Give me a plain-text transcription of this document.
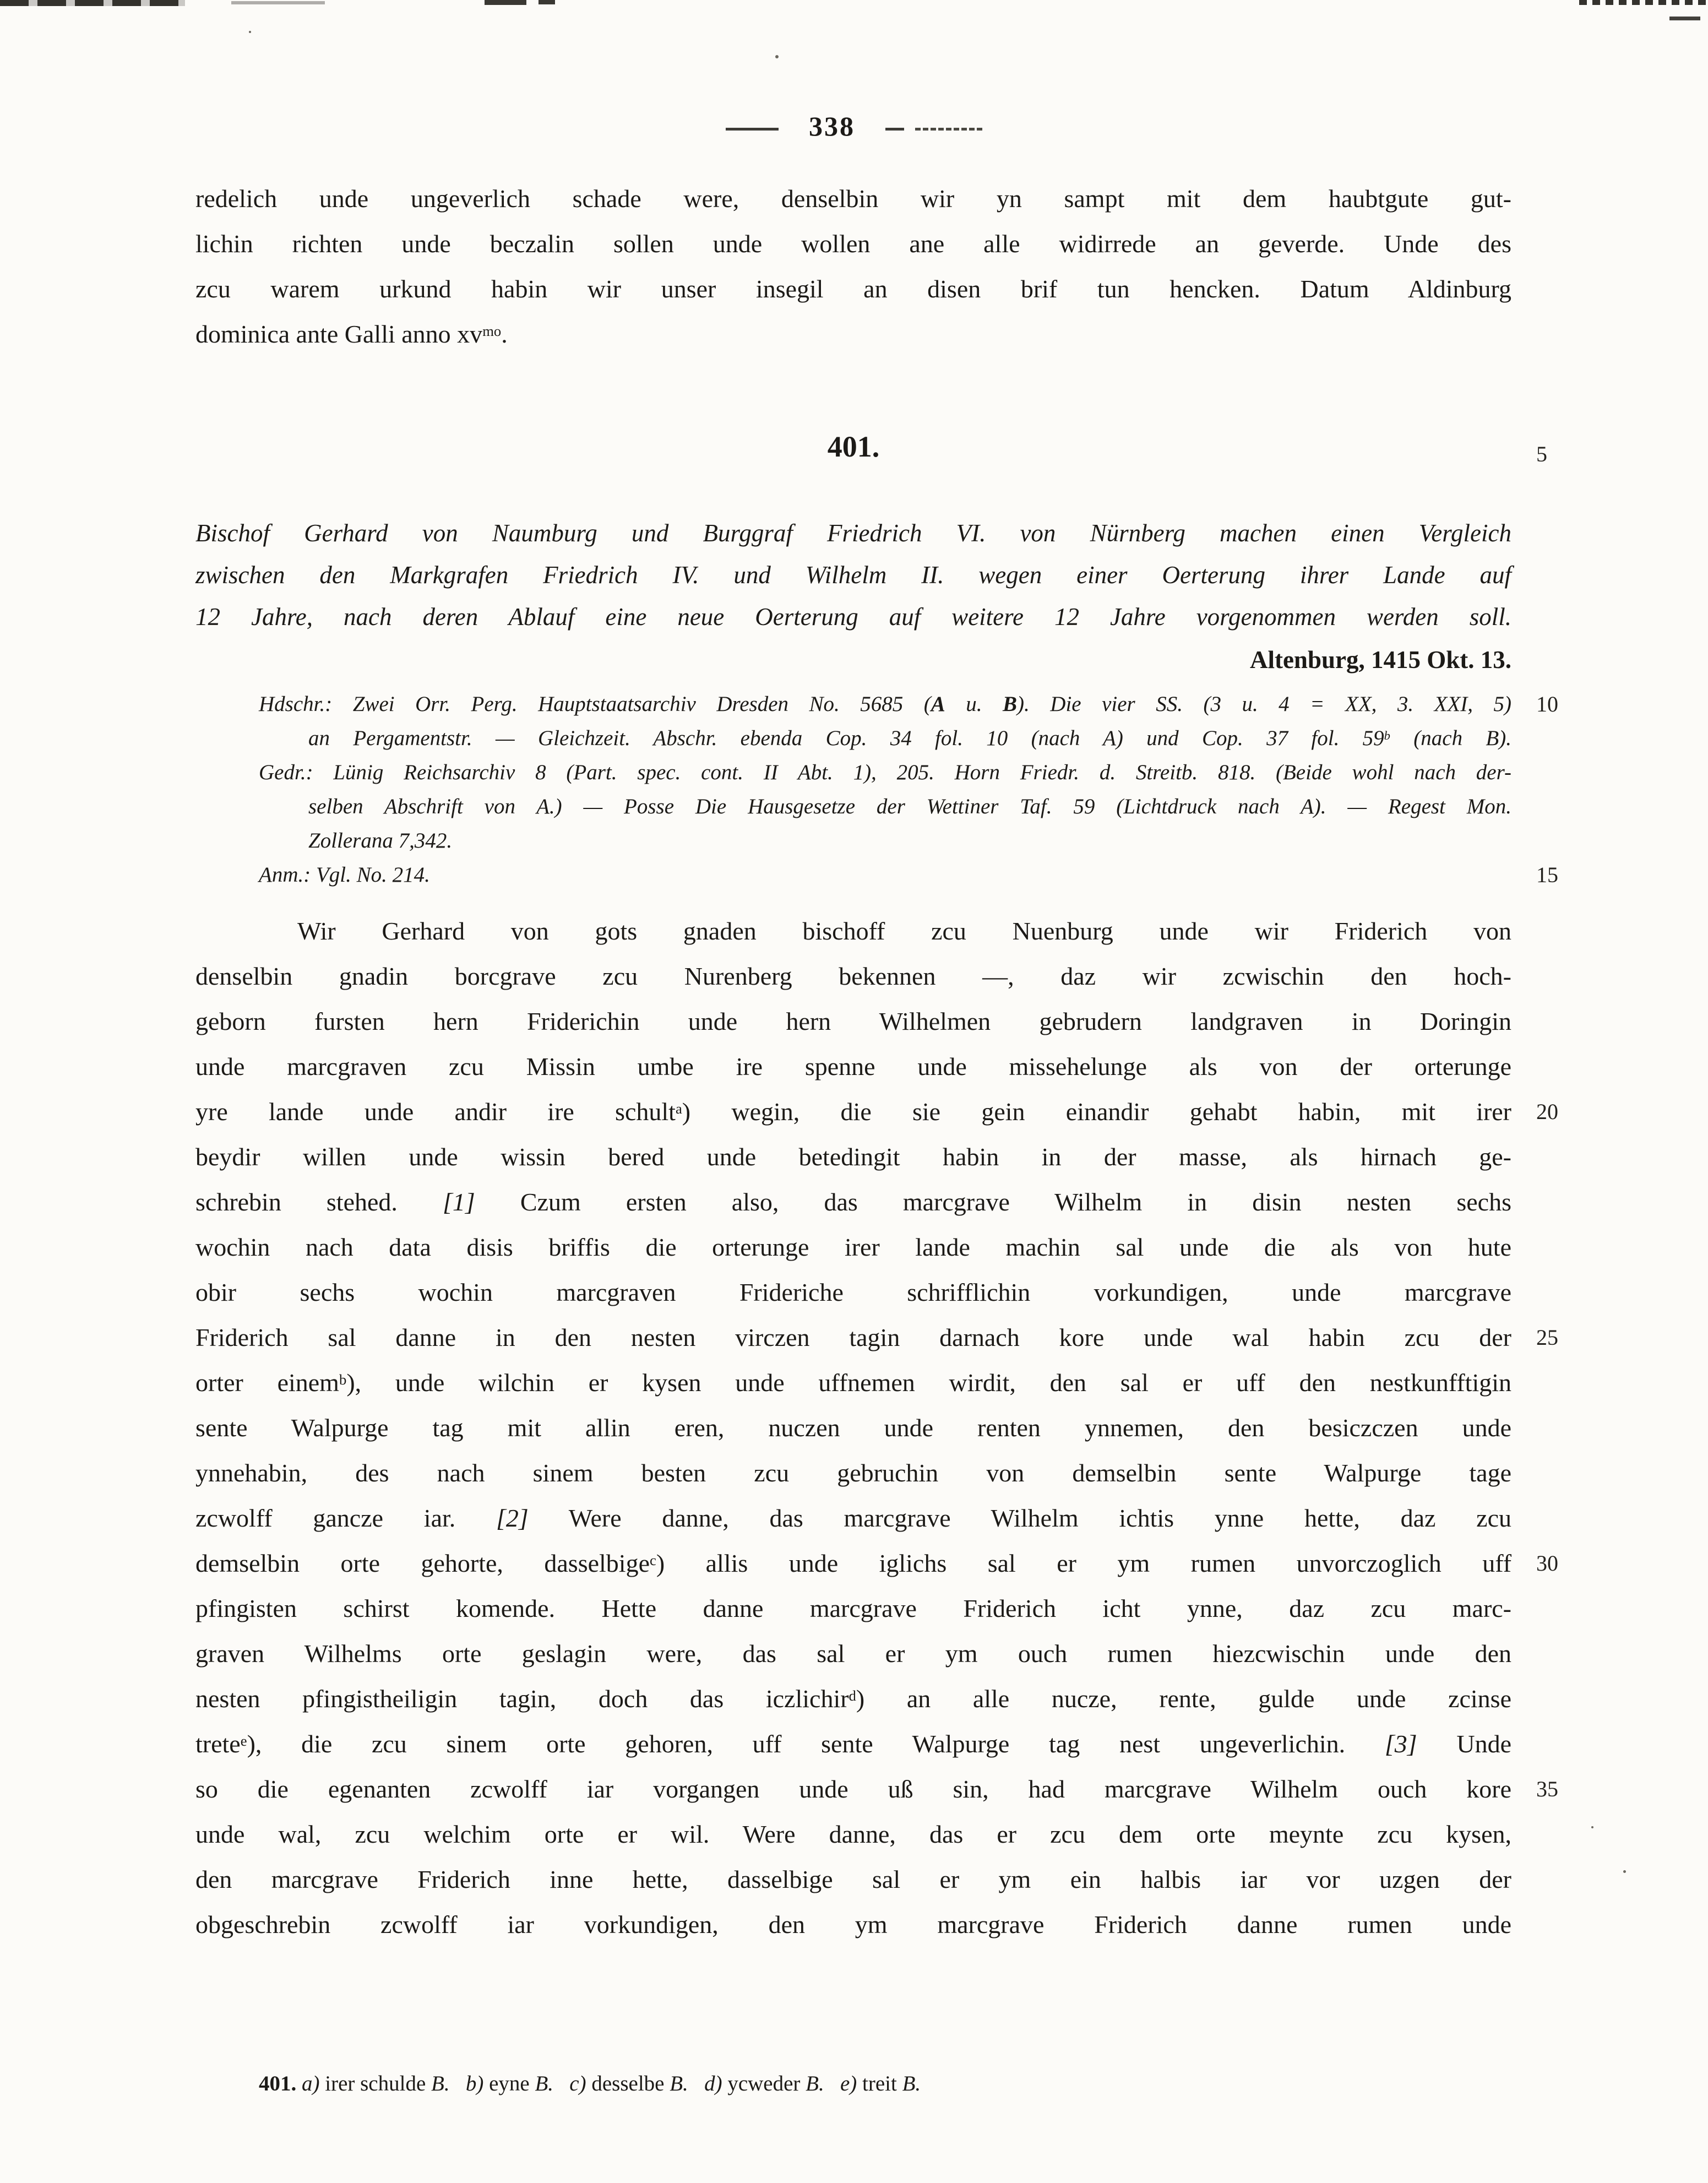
338
redelich unde ungeverlich schade were, denselbin wir yn sampt mit dem haubtgute gut-
lichin richten unde beczalin sollen unde wollen ane alle widirrede an geverde. Unde des
zcu warem urkund habin wir unser insegil an disen brif tun hencken. Datum Aldinburg
dominica ante Galli anno $xv^{mo}$.
401.	5
Bischof Gerhard von Naumburg und Burggraf Friedrich VI. von Nürnberg machen einen Vergleich
zwischen den Markgrafen Friedrich IV. und Wilhelm II. wegen einer Oerterung ihrer Lande auf
12 Jahre, nach deren Ablauf eine neue Oerterung auf weitere 12 Jahre vorgenommen werden soll.
Altenburg, 1415 Okt. 13.
Hdschr.: Zwei Orr. Perg. Hauptstaatsarchiv Dresden No. 5685 (A u. B). Die vier SS. (3 u. 4 = XX, 3. XXI, 5) 10
an Pergamentstr. — Gleichzeit. Abschr. ebenda Cop. 34 fol. 10 (nach A) und Cop. 37 fol. 59$^b$ (nach B).
Gedr.: Lünig Reichsarchiv 8 (Part. spec. cont. II Abt. 1), 205. Horn Friedr. d. Streitb. 818. (Beide wohl nach der-
selben Abschrift von A.) — Posse Die Hausgesetze der Wettiner Taf. 59 (Lichtdruck nach A). — Regest Mon.
Zollerana 7,342.
Anm.: Vgl. No. 214.	15
Wir Gerhard von gots gnaden bischoff zcu Nuenburg unde wir Friderich von
denselbin gnadin borcgrave zcu Nurenberg bekennen —, daz wir zcwischin den hoch-
geborn fursten hern Friderichin unde hern Wilhelmen gebrudern landgraven in Doringin
unde marcgraven zcu Missin umbe ire spenne unde missehelunge als von der orterunge
yre lande unde andir ire schult$^a$) wegin, die sie gein einandir gehabt habin, mit irer 20
beydir willen unde wissin bered unde betedingit habin in der masse, als hirnach ge-
schrebin stehed. [1] Czum ersten also, das marcgrave Wilhelm in disin nesten sechs
wochin nach data disis briffis die orterunge irer lande machin sal unde die als von hute
obir sechs wochin marcgraven Frideriche schrifflichin vorkundigen, unde marcgrave
Friderich sal danne in den nesten virczen tagin darnach kore unde wal habin zcu der 25
orter einem$^b$), unde wilchin er kysen unde uffnemen wirdit, den sal er uff den nestkunfftigin
sente Walpurge tag mit allin eren, nuczen unde renten ynnemen, den besiczczen unde
ynnehabin, des nach sinem besten zcu gebruchin von demselbin sente Walpurge tage
zcwolff gancze iar. [2] Were danne, das marcgrave Wilhelm ichtis ynne hette, daz zcu
demselbin orte gehorte, dasselbige$^c$) allis unde iglichs sal er ym rumen unvorczoglich uff 30
pfingisten schirst komende. Hette danne marcgrave Friderich icht ynne, daz zcu marc-
graven Wilhelms orte geslagin were, das sal er ym ouch rumen hiezcwischin unde den
nesten pfingistheiligin tagin, doch das iczlichir$^d$) an alle nucze, rente, gulde unde zcinse
trete$^e$), die zcu sinem orte gehoren, uff sente Walpurge tag nest ungeverlichin. [3] Unde
so die egenanten zcwolff iar vorgangen unde uß sin, had marcgrave Wilhelm ouch kore 35
unde wal, zcu welchim orte er wil. Were danne, das er zcu dem orte meynte zcu kysen,
den marcgrave Friderich inne hette, dasselbige sal er ym ein halbis iar vor uzgen der
obgeschrebin zcwolff iar vorkundigen, den ym marcgrave Friderich danne rumen unde
401. a) irer schulde B.  b) eyne B.  c) desselbe B.  d) ycweder B.  e) treit B.
